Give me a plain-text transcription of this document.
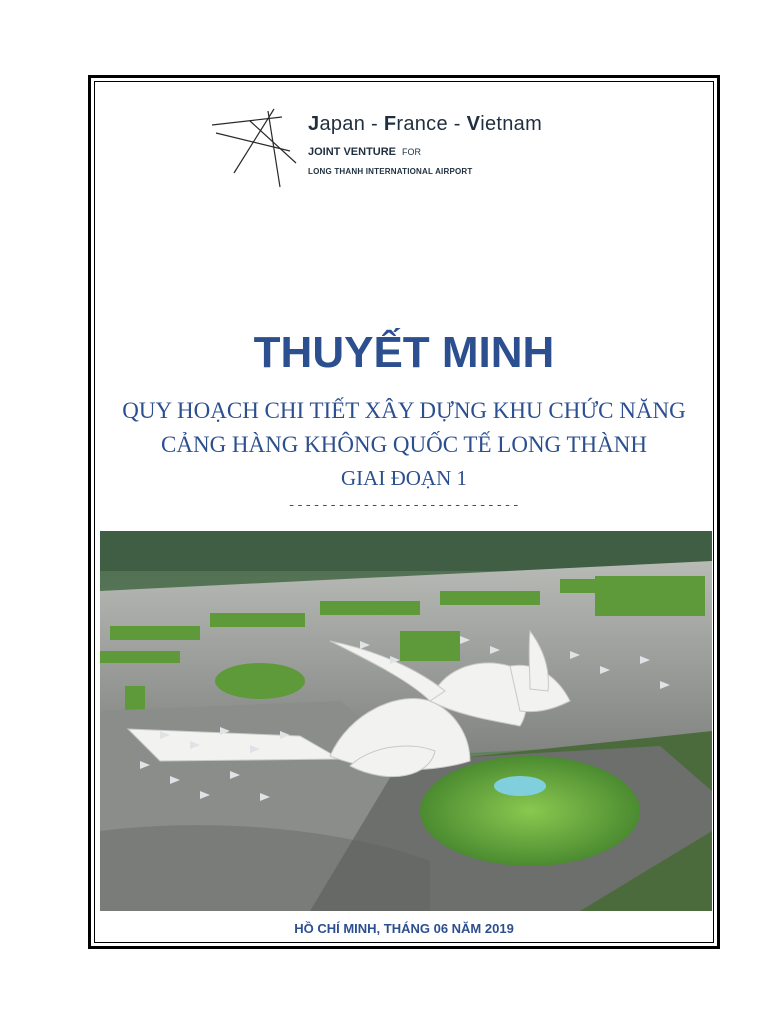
Japan - France - Vietnam

JOINT VENTURE FOR

LONG THANH INTERNATIONAL AIRPORT

THUYẾT MINH

QUY HOẠCH CHI TIẾT XÂY DỰNG KHU CHỨC NĂNG

CẢNG HÀNG KHÔNG QUỐC TẾ LONG THÀNH

GIAI ĐOẠN 1

----------------------------

HỒ CHÍ MINH, THÁNG 06 NĂM 2019
